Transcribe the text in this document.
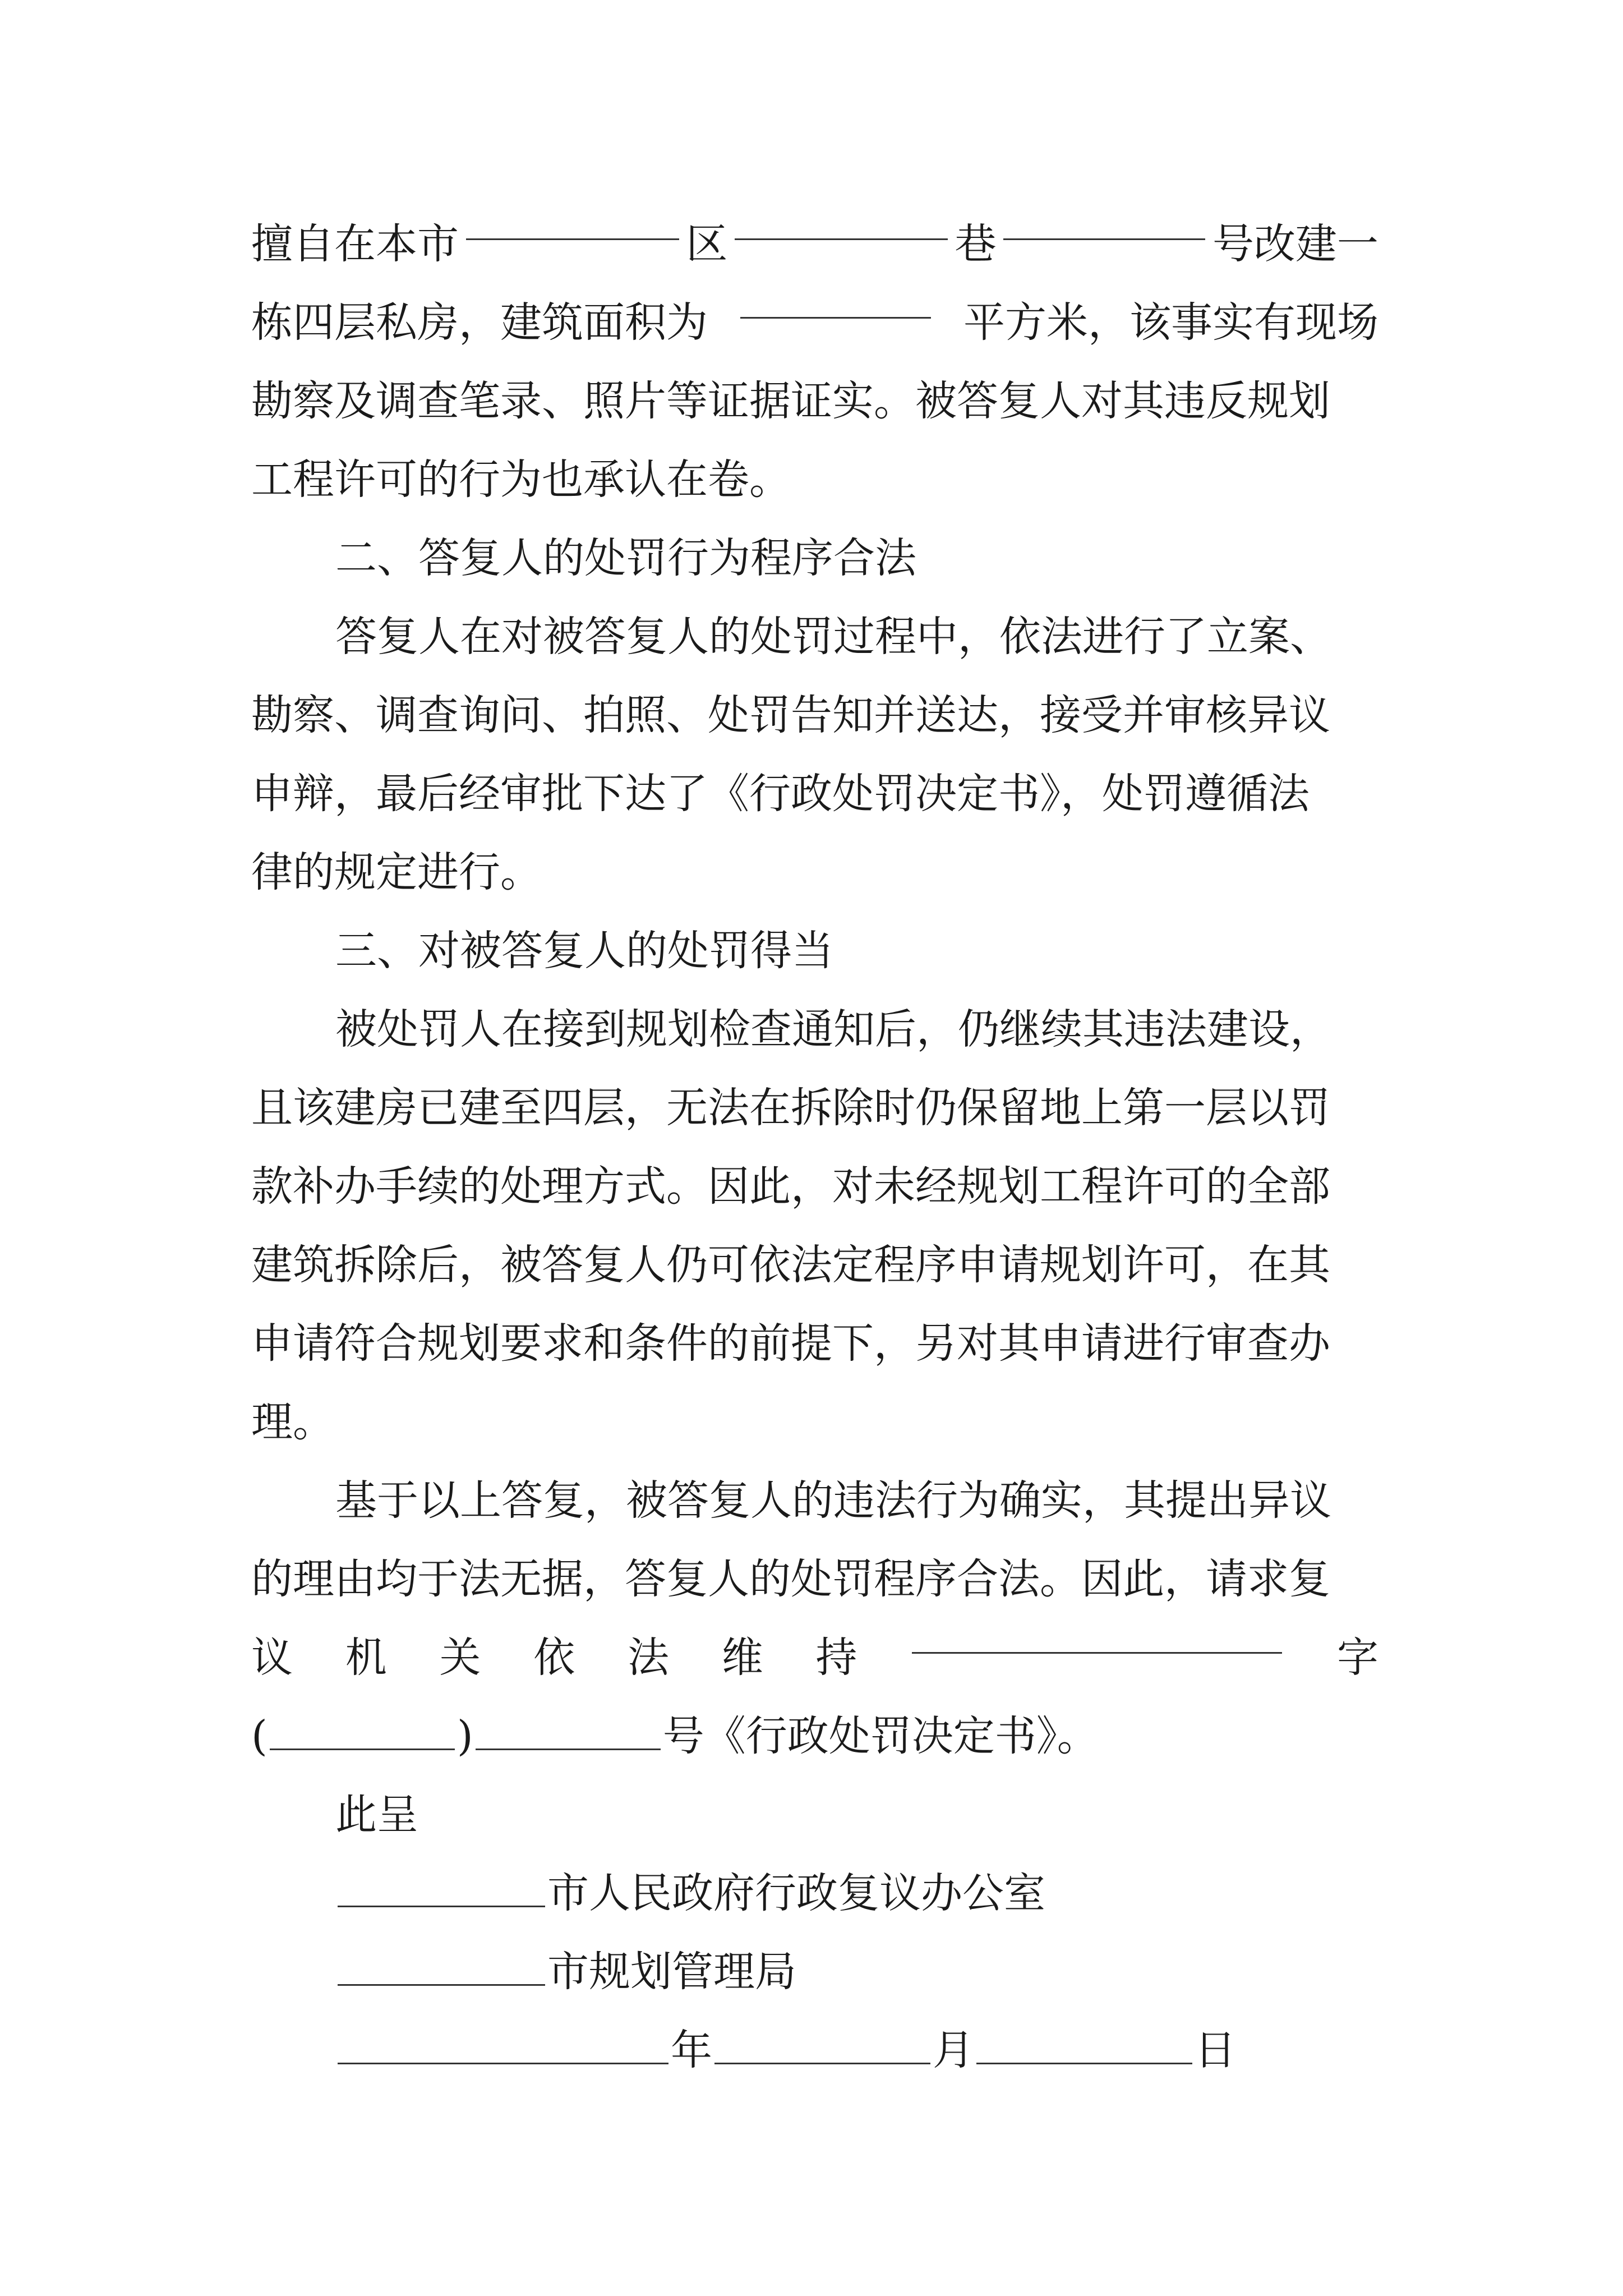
擅自在本市	区	巷	号改建一
栋四层私房，建筑面积为	平方米，该事实有现场
勘察及调查笔录、照片等证据证实。被答复人对其违反规划
工程许可的行为也承认在卷。
二、答复人的处罚行为程序合法
答复人在对被答复人的处罚过程中，依法进行了立案、
勘察、调查询问、拍照、处罚告知并送达，接受并审核异议
申辩，最后经审批下达了《行政处罚决定书》，处罚遵循法
律的规定进行。
三、对被答复人的处罚得当
被处罚人在接到规划检查通知后，仍继续其违法建设，
且该建房已建至四层，无法在拆除时仍保留地上第一层以罚
款补办手续的处理方式。因此，对未经规划工程许可的全部
建筑拆除后，被答复人仍可依法定程序申请规划许可，在其
申请符合规划要求和条件的前提下，另对其申请进行审查办
理。
基于以上答复，被答复人的违法行为确实，其提出异议
的理由均于法无据，答复人的处罚程序合法。因此，请求复
议 机 关 依 法 维 持	字
(	)	号《行政处罚决定书》。
此呈
市人民政府行政复议办公室
市规划管理局
年	月	日
